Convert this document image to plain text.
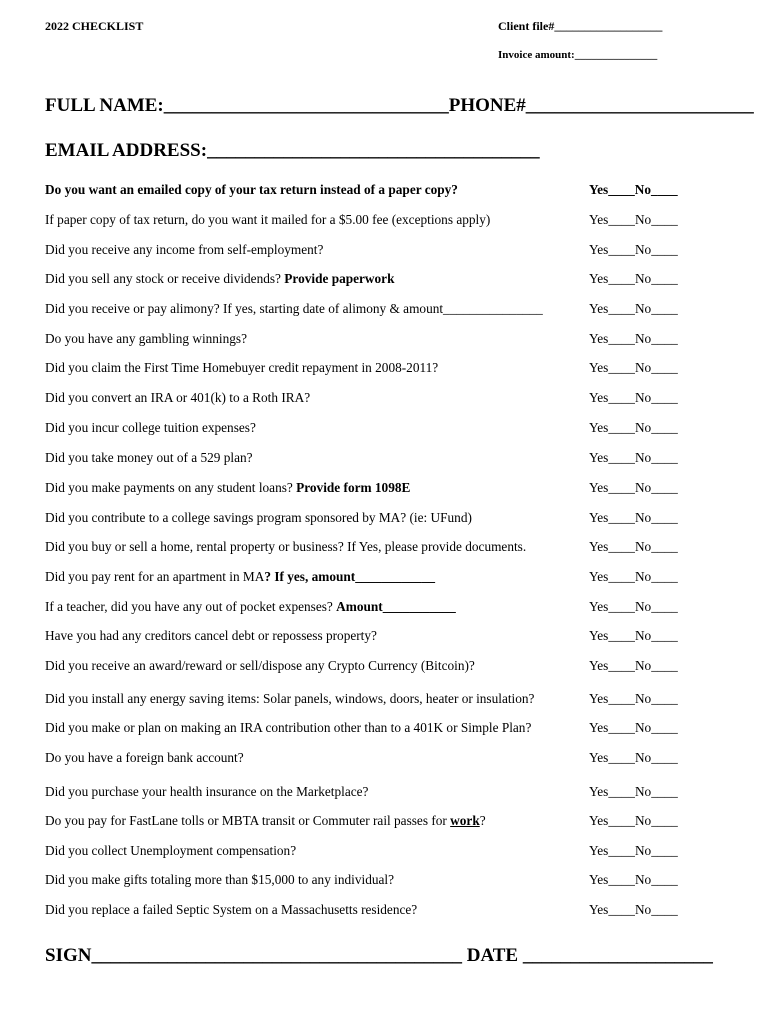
2022 CHECKLIST	Client file#__________________
Invoice amount:_______________
FULL NAME:______________________________PHONE#________________________
EMAIL ADDRESS:___________________________________
Do you want an emailed copy of your tax return instead of a paper copy?	Yes____No____
If paper copy of tax return, do you want it mailed for a $5.00 fee (exceptions apply)	Yes____No____
Did you receive any income from self-employment?	Yes____No____
Did you sell any stock or receive dividends? Provide paperwork	Yes____No____
Did you receive or pay alimony? If yes, starting date of alimony & amount_______________	Yes____No____
Do you have any gambling winnings?	Yes____No____
Did you claim the First Time Homebuyer credit repayment in 2008-2011?	Yes____No____
Did you convert an IRA or 401(k) to a Roth IRA?	Yes____No____
Did you incur college tuition expenses?	Yes____No____
Did you take money out of a 529 plan?	Yes____No____
Did you make payments on any student loans? Provide form 1098E	Yes____No____
Did you contribute to a college savings program sponsored by MA? (ie: UFund)	Yes____No____
Did you buy or sell a home, rental property or business? If Yes, please provide documents.	Yes____No____
Did you pay rent for an apartment in MA? If yes, amount____________	Yes____No____
If a teacher, did you have any out of pocket expenses? Amount___________	Yes____No____
Have you had any creditors cancel debt or repossess property?	Yes____No____
Did you receive an award/reward or sell/dispose any Crypto Currency (Bitcoin)?	Yes____No____
Did you install any energy saving items: Solar panels, windows, doors, heater or insulation?	Yes____No____
Did you make or plan on making an IRA contribution other than to a 401K or Simple Plan?	Yes____No____
Do you have a foreign bank account?	Yes____No____
Did you purchase your health insurance on the Marketplace?	Yes____No____
Do you pay for FastLane tolls or MBTA transit or Commuter rail passes for work?	Yes____No____
Did you collect Unemployment compensation?	Yes____No____
Did you make gifts totaling more than $15,000 to any individual?	Yes____No____
Did you replace a failed Septic System on a Massachusetts residence?	Yes____No____
SIGN_______________________________________ DATE ____________________
